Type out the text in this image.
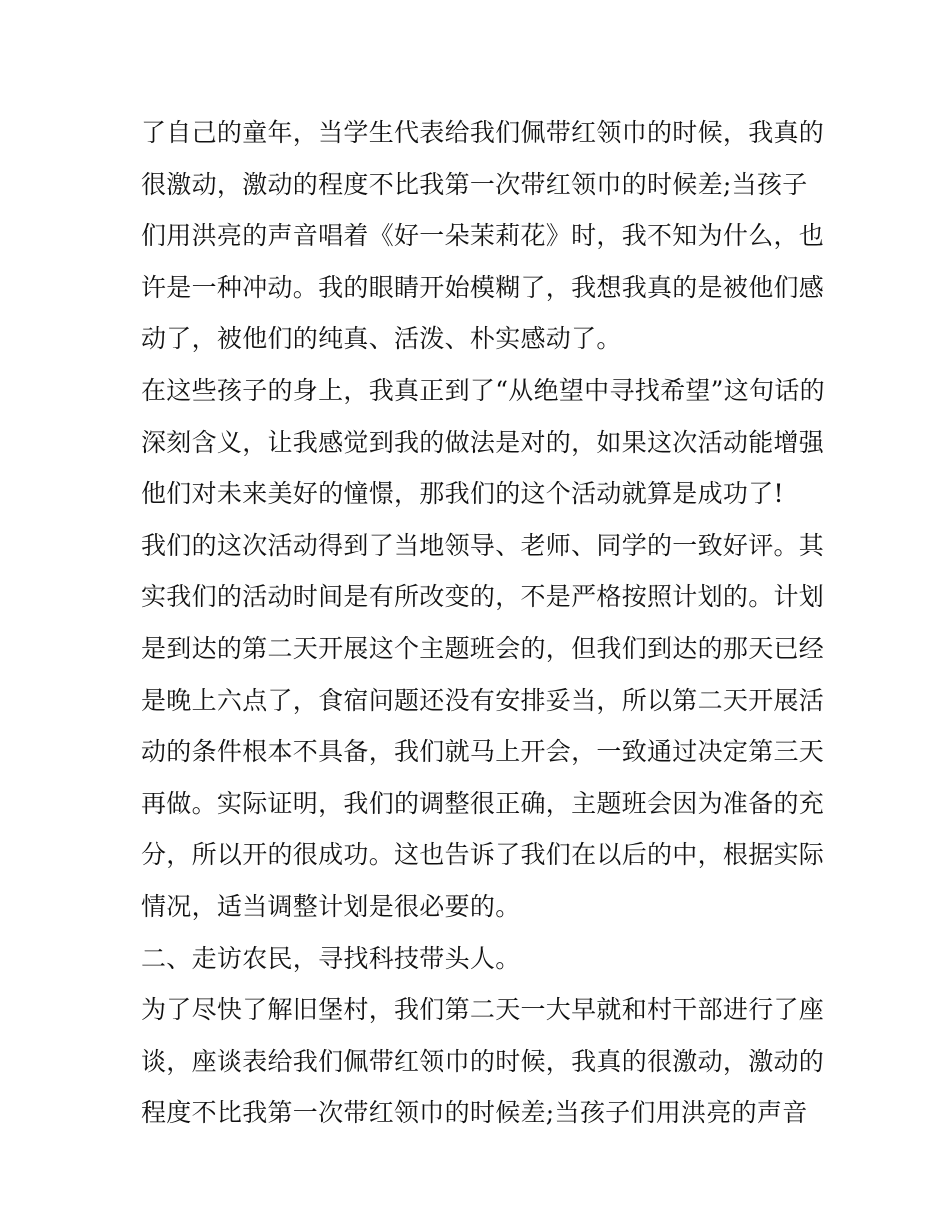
了自己的童年，当学生代表给我们佩带红领巾的时候，我真的
很激动，激动的程度不比我第一次带红领巾的时候差;当孩子
们用洪亮的声音唱着《好一朵茉莉花》时，我不知为什么，也
许是一种冲动。我的眼睛开始模糊了，我想我真的是被他们感
动了，被他们的纯真、活泼、朴实感动了。
在这些孩子的身上，我真正到了“从绝望中寻找希望”这句话的
深刻含义，让我感觉到我的做法是对的，如果这次活动能增强
他们对未来美好的憧憬，那我们的这个活动就算是成功了!
我们的这次活动得到了当地领导、老师、同学的一致好评。其
实我们的活动时间是有所改变的，不是严格按照计划的。计划
是到达的第二天开展这个主题班会的，但我们到达的那天已经
是晚上六点了，食宿问题还没有安排妥当，所以第二天开展活
动的条件根本不具备，我们就马上开会，一致通过决定第三天
再做。实际证明，我们的调整很正确，主题班会因为准备的充
分，所以开的很成功。这也告诉了我们在以后的中，根据实际
情况，适当调整计划是很必要的。
二、走访农民，寻找科技带头人。
为了尽快了解旧堡村，我们第二天一大早就和村干部进行了座
谈，座谈表给我们佩带红领巾的时候，我真的很激动，激动的
程度不比我第一次带红领巾的时候差;当孩子们用洪亮的声音
